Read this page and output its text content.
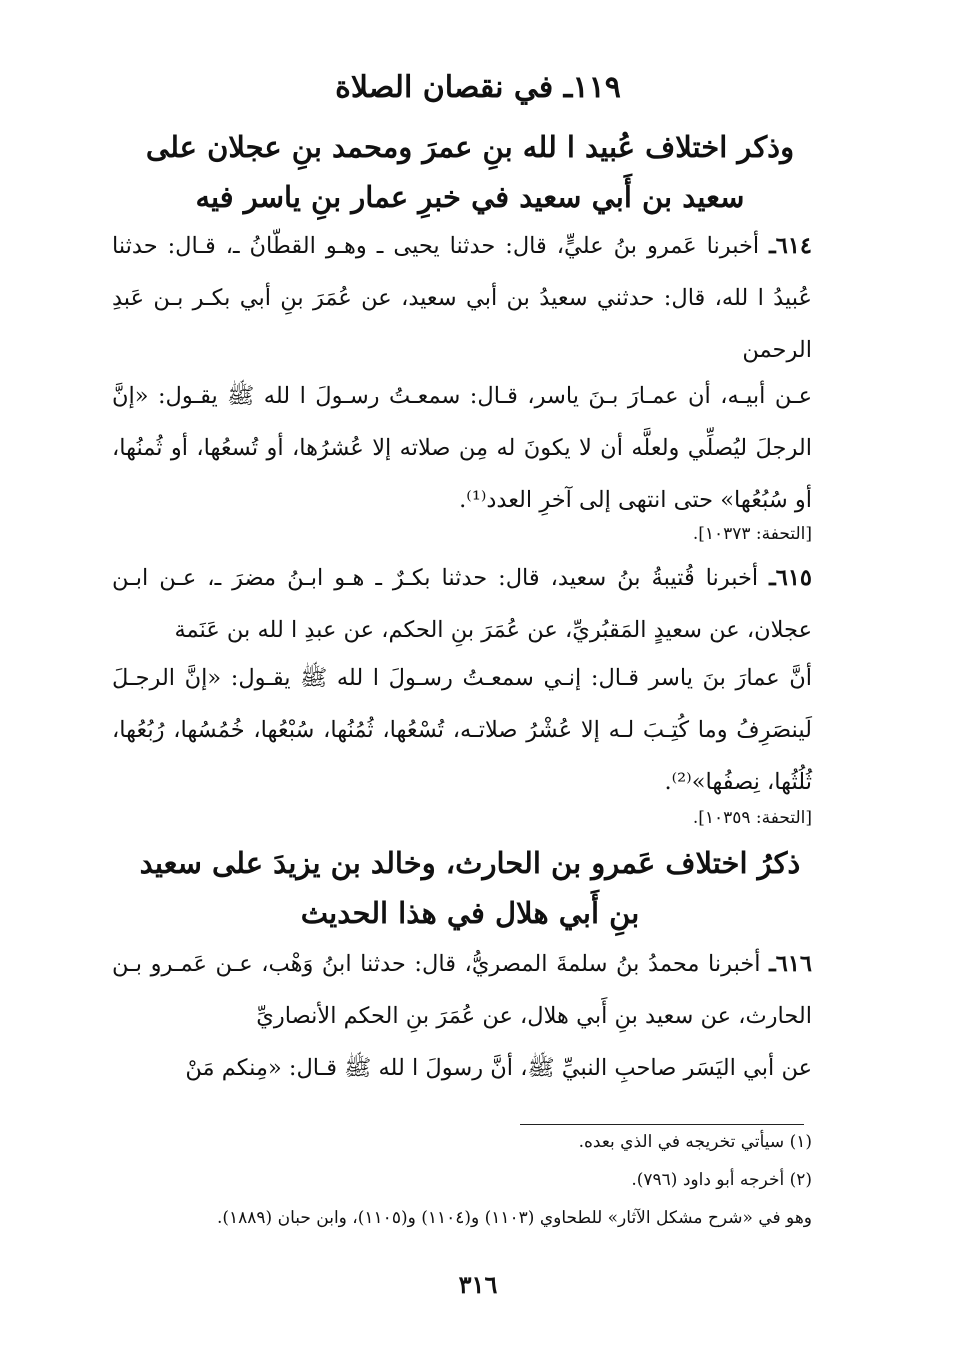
١١٩ـ في نقصان الصلاة
وذكر اختلاف عُبيد ا لله بنِ عمرَ ومحمد بنِ عجلان على سعيد بن أَبي سعيد في خبرِ عمار بنِ ياسر فيه
٦١٤ـ أخبرنا عَمرو بنُ عليٍّ، قال: حدثنا يحيى ـ وهـو القطّانُ ـ، قـال: حدثنا عُبيدُ ا لله، قال: حدثني سعيدُ بن أبي سعيد، عن عُمَرَ بنِ أبي بكـر بـن عَبدِ الرحمن
عـن أبيـه، أن عمـارَ بـنَ ياسر، قـال: سمعـتُ رسـولَ ا لله ﷺ يقـول: «إنَّ الرجلَ ليُصلِّي ولعلَّه أن لا يكونَ له مِن صلاته إلا عُشرُها، أو تُسعُها، أو ثُمنُها، أو سُبُعُها» حتى انتهى إلى آخرِ العدد⁽¹⁾.
[التحفة: ١٠٣٧٣].
٦١٥ـ أخبرنا قُتيبةُ بنُ سعيد، قال: حدثنا بكـرٌ ـ هـو ابـنُ مضرَ ـ، عـن ابـن عجلان، عن سعيدٍ المَقبُريِّ، عن عُمَرَ بنِ الحكم، عن عبدِ ا لله بن عَنَمة
أنَّ عمارَ بنَ ياسر قـال: إنـي سمعـتُ رسـولَ ا لله ﷺ يقـول: «إنَّ الرجـلَ لَينصَرِفُ وما كُتِـبَ لـه إلا عُشْرُ صلاتـه، تُسْعُها، ثُمُنُها، سُبْعُها، خُمُسُها، رُبُعُها، ثُلُثُها، نِصفُها»⁽²⁾.
[التحفة: ١٠٣٥٩].
ذكرُ اختلاف عَمرو بن الحارث، وخالد بن يزيدَ على سعيد بنِ أَبي هلال في هذا الحديث
٦١٦ـ أخبرنا محمدُ بنُ سلمةَ المصريُّ، قال: حدثنا ابنُ وَهْب، عـن عَمـرو بـن الحارث، عن سعيد بنِ أَبي هلال، عن عُمَرَ بنِ الحكم الأنصاريِّ
عن أبي اليَسَر صاحبِ النبيِّ ﷺ، أنَّ رسولَ ا لله ﷺ قـال: «مِنكم مَنْ
(١) سيأتي تخريجه في الذي بعده.
(٢) أخرجه أبو داود (٧٩٦).
وهو في «شرح مشكل الآثار» للطحاوي (١١٠٣) و(١١٠٤) و(١١٠٥)، وابن حبان (١٨٨٩).
٣١٦
